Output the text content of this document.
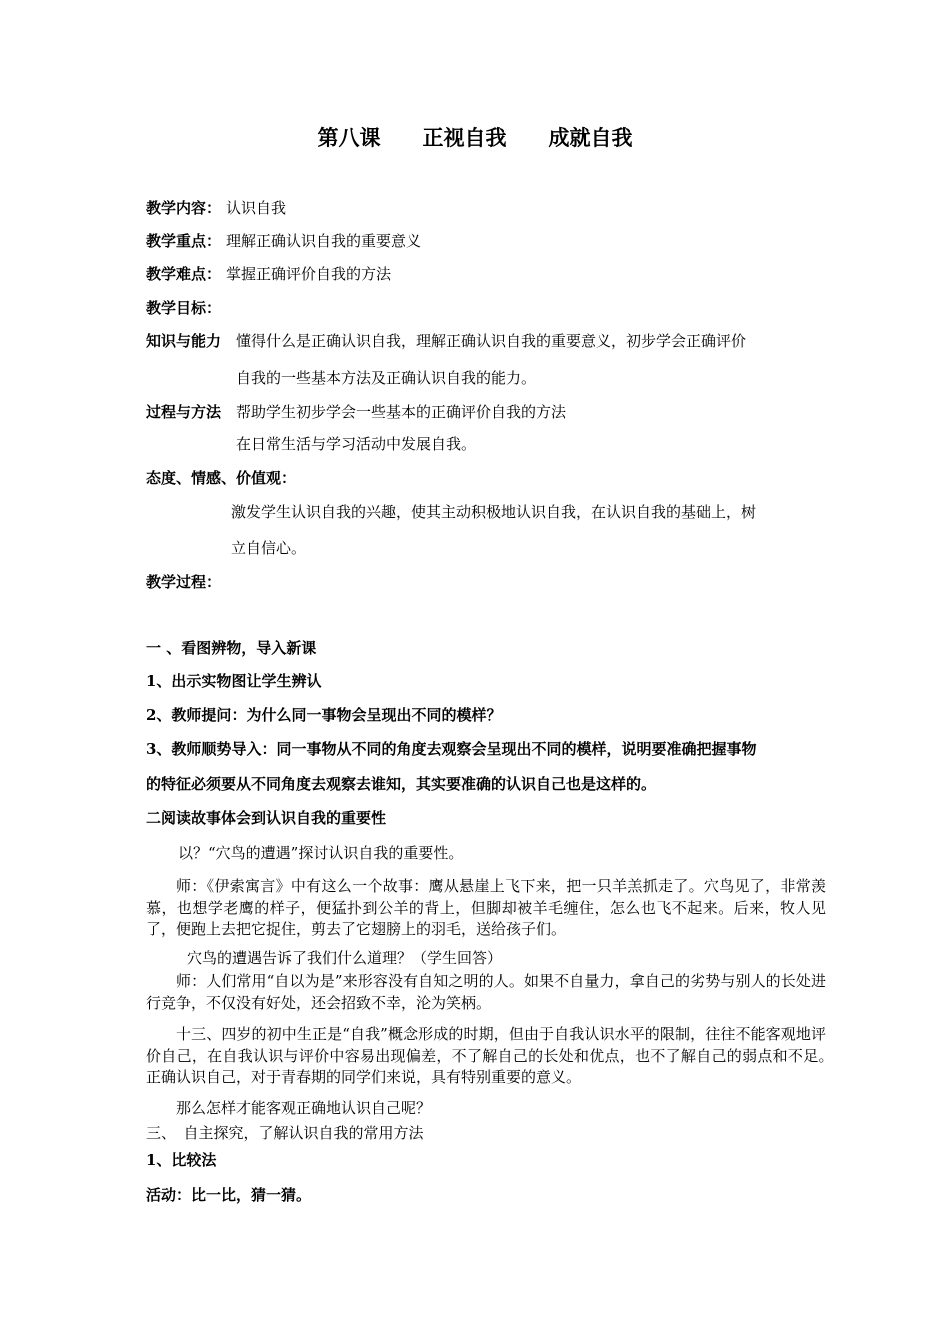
第八课　　正视自我　　成就自我
教学内容： 认识自我
教学重点： 理解正确认识自我的重要意义
教学难点： 掌握正确评价自我的方法
教学目标：
知识与能力 懂得什么是正确认识自我，理解正确认识自我的重要意义，初步学会正确评价
自我的一些基本方法及正确认识自我的能力。
过程与方法 帮助学生初步学会一些基本的正确评价自我的方法
在日常生活与学习活动中发展自我。
态度、情感、价值观：
激发学生认识自我的兴趣，使其主动积极地认识自我，在认识自我的基础上，树
立自信心。
教学过程：
一 、看图辨物，导入新课
1、出示实物图让学生辨认
2、教师提问：为什么同一事物会呈现出不同的模样？
3、教师顺势导入：同一事物从不同的角度去观察会呈现出不同的模样，说明要准确把握事物
的特征必须要从不同角度去观察去谁知，其实要准确的认识自己也是这样的。
二阅读故事体会到认识自我的重要性
以？“穴鸟的遭遇”探讨认识自我的重要性。
师：《伊索寓言》中有这么一个故事：鹰从悬崖上飞下来，把一只羊羔抓走了。穴鸟见了，非常羡慕，也想学老鹰的样子，便猛扑到公羊的背上，但脚却被羊毛缠住，怎么也飞不起来。后来，牧人见了，便跑上去把它捉住，剪去了它翅膀上的羽毛，送给孩子们。
穴鸟的遭遇告诉了我们什么道理？（学生回答）
师：人们常用“自以为是”来形容没有自知之明的人。如果不自量力，拿自己的劣势与别人的长处进行竞争，不仅没有好处，还会招致不幸，沦为笑柄。
十三、四岁的初中生正是“自我”概念形成的时期，但由于自我认识水平的限制，往往不能客观地评价自己，在自我认识与评价中容易出现偏差，不了解自己的长处和优点，也不了解自己的弱点和不足。　 正确认识自己，对于青春期的同学们来说，具有特别重要的意义。
那么怎样才能客观正确地认识自己呢？
三、　自主探究，了解认识自我的常用方法
1、比较法
活动：比一比，猜一猜。
